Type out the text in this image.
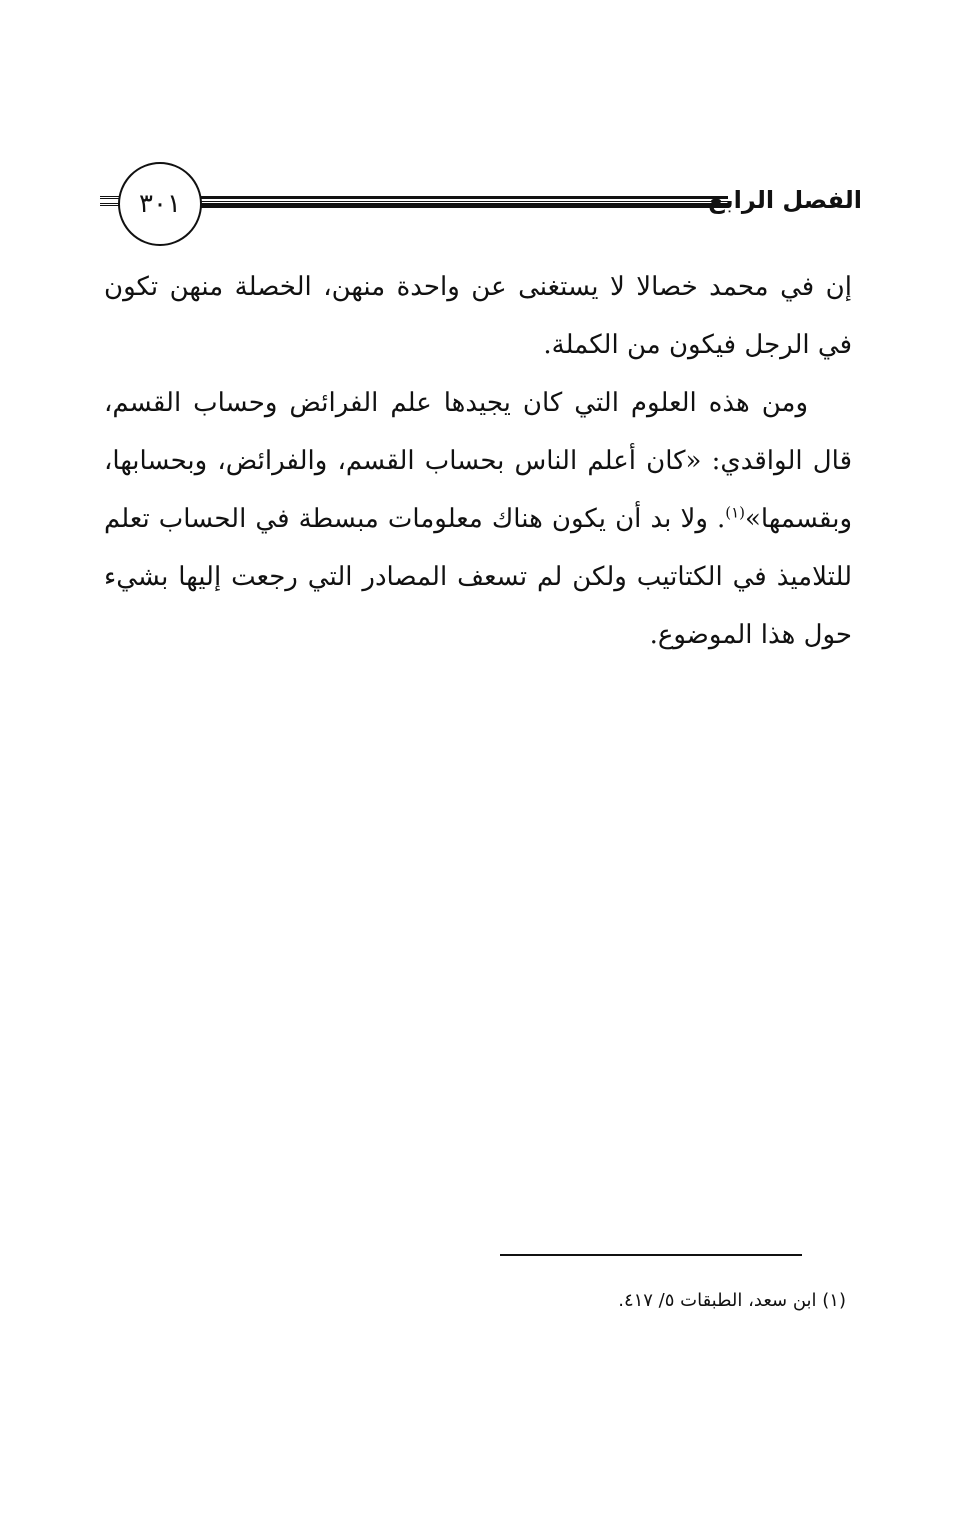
٣٠١	الفصل الرابع

إن في محمد خصالا لا يستغنى عن واحدة منهن، الخصلة منهن تكون في الرجل فيكون من الكملة.

ومن هذه العلوم التي كان يجيدها علم الفرائض وحساب القسم، قال الواقدي: «كان أعلم الناس بحساب القسم، والفرائض، وبحسابها، وبقسمها»$^{(١)}$. ولا بد أن يكون هناك معلومات مبسطة في الحساب تعلم للتلاميذ في الكتاتيب ولكن لم تسعف المصادر التي رجعت إليها بشيء حول هذا الموضوع.

(١) ابن سعد، الطبقات ٥/ ٤١٧.
